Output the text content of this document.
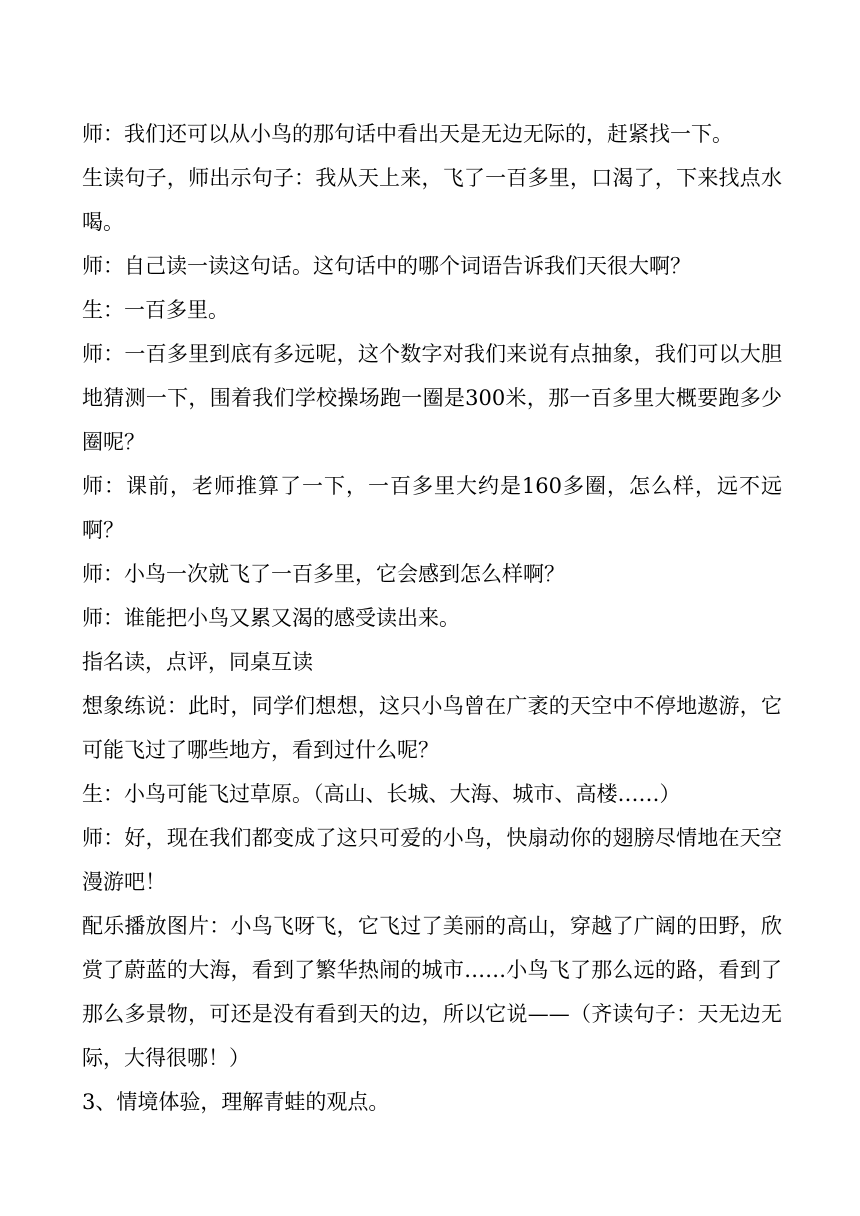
师：我们还可以从小鸟的那句话中看出天是无边无际的，赶紧找一下。

生读句子，师出示句子：我从天上来，飞了一百多里，口渴了，下来找点水喝。

师：自己读一读这句话。这句话中的哪个词语告诉我们天很大啊？

生：一百多里。

师：一百多里到底有多远呢，这个数字对我们来说有点抽象，我们可以大胆地猜测一下，围着我们学校操场跑一圈是300米，那一百多里大概要跑多少圈呢？

师：课前，老师推算了一下，一百多里大约是160多圈，怎么样，远不远啊？

师：小鸟一次就飞了一百多里，它会感到怎么样啊？

师：谁能把小鸟又累又渴的感受读出来。

指名读，点评，同桌互读

想象练说：此时，同学们想想，这只小鸟曾在广袤的天空中不停地遨游，它可能飞过了哪些地方，看到过什么呢？

生：小鸟可能飞过草原。（高山、长城、大海、城市、高楼……）

师：好，现在我们都变成了这只可爱的小鸟，快扇动你的翅膀尽情地在天空漫游吧！

配乐播放图片：小鸟飞呀飞，它飞过了美丽的高山，穿越了广阔的田野，欣赏了蔚蓝的大海，看到了繁华热闹的城市……小鸟飞了那么远的路，看到了那么多景物，可还是没有看到天的边，所以它说——（齐读句子：天无边无际，大得很哪！）

3、情境体验，理解青蛙的观点。
